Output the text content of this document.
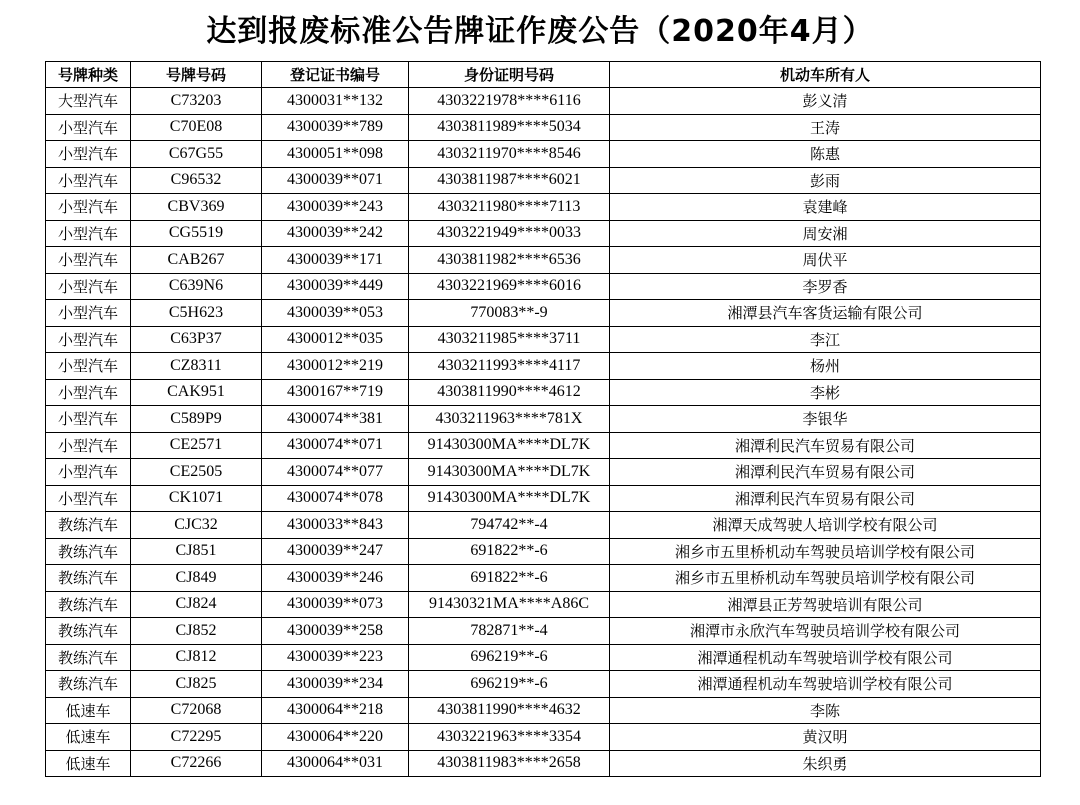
达到报废标准公告牌证作废公告（2020年4月）
号牌种类	号牌号码	登记证书编号	身份证明号码	机动车所有人
大型汽车	C73203	4300031**132	4303221978****6116	彭义清
小型汽车	C70E08	4300039**789	4303811989****5034	王涛
小型汽车	C67G55	4300051**098	4303211970****8546	陈惠
小型汽车	C96532	4300039**071	4303811987****6021	彭雨
小型汽车	CBV369	4300039**243	4303211980****7113	袁建峰
小型汽车	CG5519	4300039**242	4303221949****0033	周安湘
小型汽车	CAB267	4300039**171	4303811982****6536	周伏平
小型汽车	C639N6	4300039**449	4303221969****6016	李罗香
小型汽车	C5H623	4300039**053	770083**-9	湘潭县汽车客货运输有限公司
小型汽车	C63P37	4300012**035	4303211985****3711	李江
小型汽车	CZ8311	4300012**219	4303211993****4117	杨州
小型汽车	CAK951	4300167**719	4303811990****4612	李彬
小型汽车	C589P9	4300074**381	4303211963****781X	李银华
小型汽车	CE2571	4300074**071	91430300MA****DL7K	湘潭利民汽车贸易有限公司
小型汽车	CE2505	4300074**077	91430300MA****DL7K	湘潭利民汽车贸易有限公司
小型汽车	CK1071	4300074**078	91430300MA****DL7K	湘潭利民汽车贸易有限公司
教练汽车	CJC32	4300033**843	794742**-4	湘潭天成驾驶人培训学校有限公司
教练汽车	CJ851	4300039**247	691822**-6	湘乡市五里桥机动车驾驶员培训学校有限公司
教练汽车	CJ849	4300039**246	691822**-6	湘乡市五里桥机动车驾驶员培训学校有限公司
教练汽车	CJ824	4300039**073	91430321MA****A86C	湘潭县正芳驾驶培训有限公司
教练汽车	CJ852	4300039**258	782871**-4	湘潭市永欣汽车驾驶员培训学校有限公司
教练汽车	CJ812	4300039**223	696219**-6	湘潭通程机动车驾驶培训学校有限公司
教练汽车	CJ825	4300039**234	696219**-6	湘潭通程机动车驾驶培训学校有限公司
低速车	C72068	4300064**218	4303811990****4632	李陈
低速车	C72295	4300064**220	4303221963****3354	黄汉明
低速车	C72266	4300064**031	4303811983****2658	朱织勇
